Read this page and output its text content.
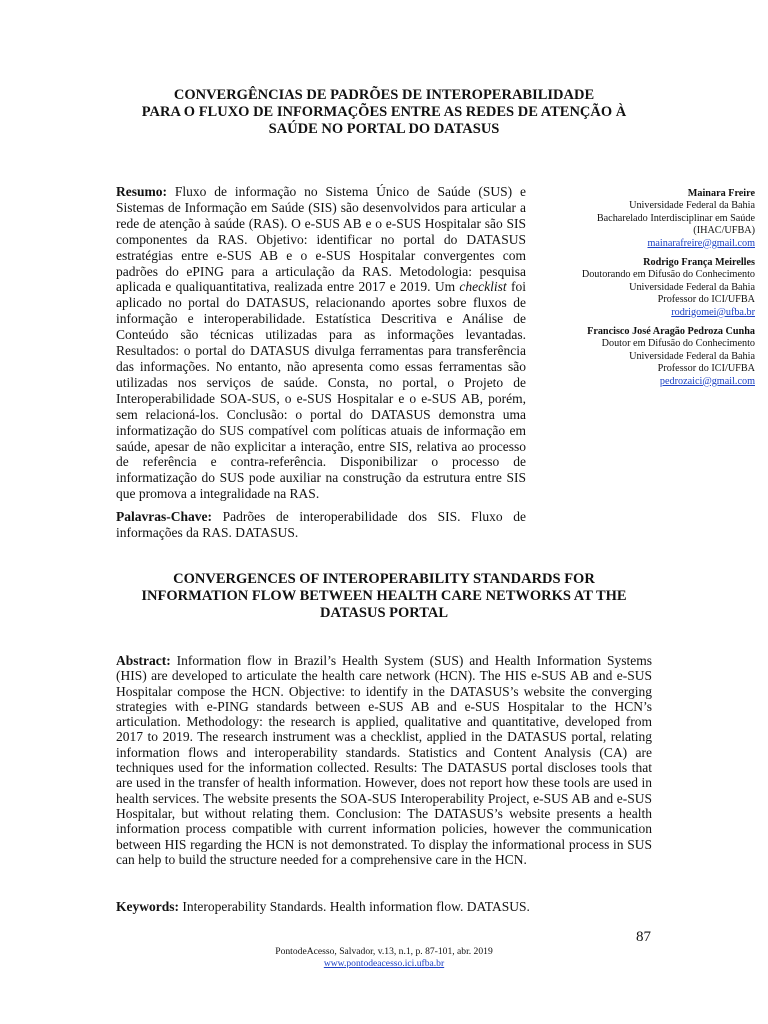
CONVERGÊNCIAS DE PADRÕES DE INTEROPERABILIDADE
PARA O FLUXO DE INFORMAÇÕES ENTRE AS REDES DE ATENÇÃO À
SAÚDE NO PORTAL DO DATASUS

Resumo: Fluxo de informação no Sistema Único de Saúde (SUS) e Sistemas de Informação em Saúde (SIS) são desenvolvidos para articular a rede de atenção à saúde (RAS). O e-SUS AB e o e-SUS Hospitalar são SIS componentes da RAS. Objetivo: identificar no portal do DATASUS estratégias entre e-SUS AB e o e-SUS Hospitalar convergentes com padrões do ePING para a articulação da RAS. Metodologia: pesquisa aplicada e qualiquantitativa, realizada entre 2017 e 2019. Um checklist foi aplicado no portal do DATASUS, relacionando aportes sobre fluxos de informação e interoperabilidade. Estatística Descritiva e Análise de Conteúdo são técnicas utilizadas para as informações levantadas. Resultados: o portal do DATASUS divulga ferramentas para transferência das informações. No entanto, não apresenta como essas ferramentas são utilizadas nos serviços de saúde. Consta, no portal, o Projeto de Interoperabilidade SOA-SUS, o e-SUS Hospitalar e o e-SUS AB, porém, sem relacioná-los. Conclusão: o portal do DATASUS demonstra uma informatização do SUS compatível com políticas atuais de informação em saúde, apesar de não explicitar a interação, entre SIS, relativa ao processo de referência e contra-referência. Disponibilizar o processo de informatização do SUS pode auxiliar na construção da estrutura entre SIS que promova a integralidade na RAS.

Palavras-Chave: Padrões de interoperabilidade dos SIS. Fluxo de informações da RAS. DATASUS.

Mainara Freire
Universidade Federal da Bahia
Bacharelado Interdisciplinar em Saúde
(IHAC/UFBA)
mainarafreire@gmail.com
Rodrigo França Meirelles
Doutorando em Difusão do Conhecimento
Universidade Federal da Bahia
Professor do ICI/UFBA
rodrigomei@ufba.br
Francisco José Aragão Pedroza Cunha
Doutor em Difusão do Conhecimento
Universidade Federal da Bahia
Professor do ICI/UFBA
pedrozaici@gmail.com
CONVERGENCES OF INTEROPERABILITY STANDARDS FOR
INFORMATION FLOW BETWEEN HEALTH CARE NETWORKS AT THE
DATASUS PORTAL

Abstract: Information flow in Brazil’s Health System (SUS) and Health Information Systems (HIS) are developed to articulate the health care network (HCN). The HIS e-SUS AB and e-SUS Hospitalar compose the HCN. Objective: to identify in the DATASUS’s website the converging strategies with e-PING standards between e-SUS AB and e-SUS Hospitalar to the HCN’s articulation. Methodology: the research is applied, qualitative and quantitative, developed from 2017 to 2019. The research instrument was a checklist, applied in the DATASUS portal, relating information flows and interoperability standards. Statistics and Content Analysis (CA) are techniques used for the information collected. Results: The DATASUS portal discloses tools that are used in the transfer of health information. However, does not report how these tools are used in health services. The website presents the SOA-SUS Interoperability Project, e-SUS AB and e-SUS Hospitalar, but without relating them. Conclusion: The DATASUS’s website presents a health information process compatible with current information policies, however the communication between HIS regarding the HCN is not demonstrated. To display the informational process in SUS can help to build the structure needed for a comprehensive care in the HCN.

Keywords: Interoperability Standards. Health information flow. DATASUS.

87
PontodeAcesso, Salvador, v.13, n.1, p. 87-101, abr. 2019
www.pontodeacesso.ici.ufba.br
